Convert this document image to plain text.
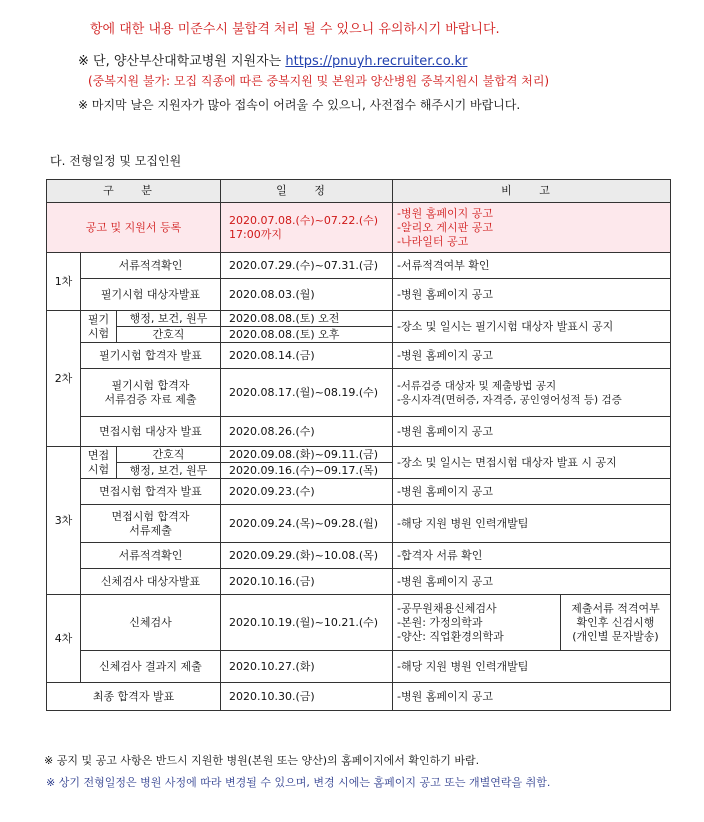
항에 대한 내용 미준수시 불합격 처리 될 수 있으니 유의하시기 바랍니다.
※ 단, 양산부산대학교병원 지원자는 https://pnuyh.recruiter.co.kr
(중복지원 불가: 모집 직종에 따른 중복지원 및 본원과 양산병원 중복지원시 불합격 처리)
※ 마지막 날은 지원자가 많아 접속이 어려울 수 있으니, 사전접수 해주시기 바랍니다.
다. 전형일정 및 모집인원
구 분			일 정	비 고	
공고 및 지원서 등록			2020.07.08.(수)~07.22.(수) 17:00까지	-병원 홈페이지 공고
-알리오 게시판 공고
-나라일터 공고	

1차	서류적격확인		2020.07.29.(수)~07.31.(금)	-서류적격여부 확인	
	필기시험 대상자발표		2020.08.03.(월)	-병원 홈페이지 공고	
2차	필기
시험	행정, 보건, 원무	2020.08.08.(토) 오전	-장소 및 일시는 필기시험 대상자 발표시 공지	
		간호직	2020.08.08.(토) 오후		
	필기시험 합격자 발표		2020.08.14.(금)	-병원 홈페이지 공고	
	필기시험 합격자
서류검증 자료 제출		2020.08.17.(월)~08.19.(수)	-서류검증 대상자 및 제출방법 공지
-응시자격(면허증, 자격증, 공인영어성적 등) 검증	
	면접시험 대상자 발표		2020.08.26.(수)	-병원 홈페이지 공고	
3차	면접
시험	간호직	2020.09.08.(화)~09.11.(금)	-장소 및 일시는 면접시험 대상자 발표 시 공지	
		행정, 보건, 원무	2020.09.16.(수)~09.17.(목)		
	면접시험 합격자 발표		2020.09.23.(수)	-병원 홈페이지 공고	
	면접시험 합격자
서류제출		2020.09.24.(목)~09.28.(월)	-해당 지원 병원 인력개발팀	
	서류적격확인		2020.09.29.(화)~10.08.(목)	-합격자 서류 확인	
	신체검사 대상자발표		2020.10.16.(금)	-병원 홈페이지 공고	
4차	신체검사		2020.10.19.(월)~10.21.(수)	-공무원채용신체검사
-본원: 가정의학과
-양산: 직업환경의학과	제출서류 적격여부
확인후 신검시행
(개인별 문자발송)
	신체검사 결과지 제출		2020.10.27.(화)	-해당 지원 병원 인력개발팀	
최종 합격자 발표			2020.10.30.(금)	-병원 홈페이지 공고	
※ 공지 및 공고 사항은 반드시 지원한 병원(본원 또는 양산)의 홈페이지에서 확인하기 바람.
※ 상기 전형일정은 병원 사정에 따라 변경될 수 있으며, 변경 시에는 홈페이지 공고 또는 개별연락을 취함.
